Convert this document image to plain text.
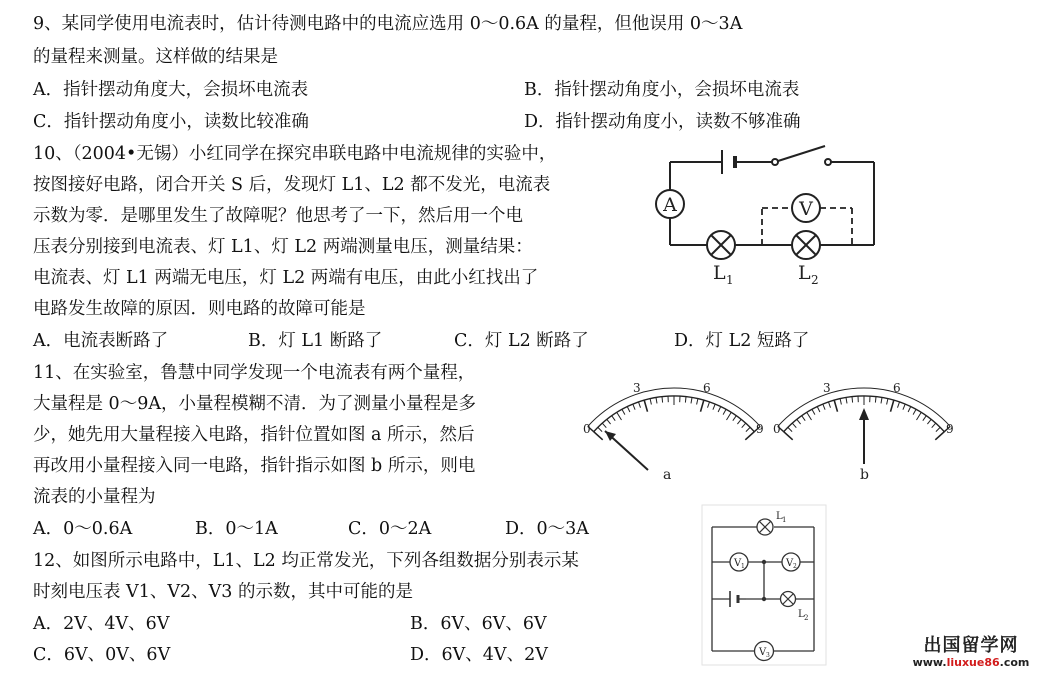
9、某同学使用电流表时，估计待测电路中的电流应选用 0～0.6A 的量程，但他误用 0～3A
的量程来测量。这样做的结果是
A．指针摆动角度大，会损坏电流表	B．指针摆动角度小，会损坏电流表
C．指针摆动角度小，读数比较准确	D．指针摆动角度小，读数不够准确
10、（2004•无锡）小红同学在探究串联电路中电流规律的实验中，
按图接好电路，闭合开关 S 后，发现灯 L1、L2 都不发光，电流表
示数为零．是哪里发生了故障呢？他思考了一下，然后用一个电
压表分别接到电流表、灯 L1、灯 L2 两端测量电压，测量结果：
电流表、灯 L1 两端无电压，灯 L2 两端有电压，由此小红找出了
电路发生故障的原因．则电路的故障可能是
A．电流表断路了	B．灯 L1 断路了	C．灯 L2 断路了	D．灯 L2 短路了
A	V
L 1	L 2
11、在实验室，鲁慧中同学发现一个电流表有两个量程，
大量程是 0～9A，小量程模糊不清．为了测量小量程是多
少，她先用大量程接入电路，指针位置如图 a 所示，然后
再改用小量程接入同一电路，指针指示如图 b 所示，则电
流表的小量程为
A．0～0.6A	B．0～1A	C．0～2A	D．0～3A
0
3	6
9
a
0
3	6
9
b
12、如图所示电路中，L1、L2 均正常发光，下列各组数据分别表示某
时刻电压表 V1、V2、V3 的示数，其中可能的是
A．2V、4V、6V	B．6V、6V、6V
C．6V、0V、6V	D．6V、4V、2V
L 1
L 2
V 1	V 2
V 3	出国留学网
www.liuxue86.com
